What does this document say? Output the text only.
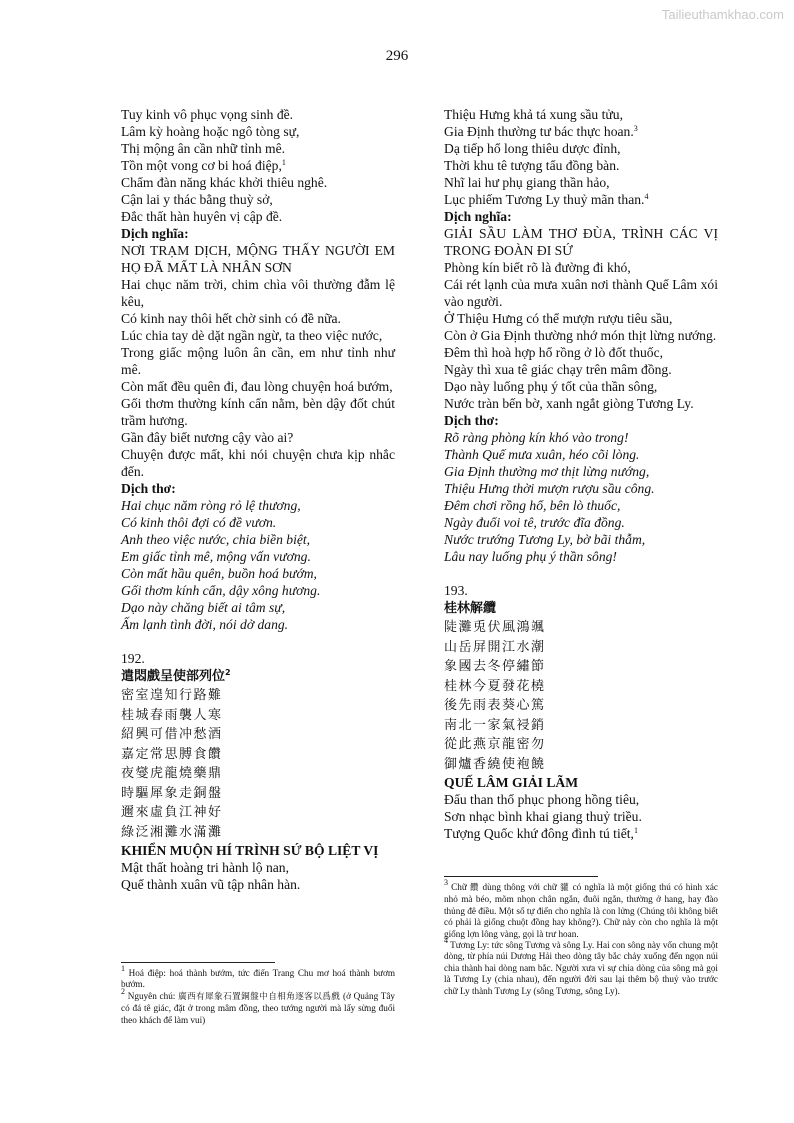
Tailieuthamkhao.com
296
Tuy kinh vô phục vọng sinh đề.
Lâm kỳ hoàng hoặc ngô tòng sự,
Thị mộng ân cần nhữ tỉnh mê.
Tồn một vong cơ bi hoá điệp,$^1$
Chẩm đàn năng khác khởi thiêu nghê.
Cận lai y thác bằng thuỳ sở,
Đắc thất hàn huyên vị cập đề.
Dịch nghĩa:
NƠI TRẠM DỊCH, MỘNG THẤY NGƯỜI EM HỌ ĐÃ MẤT LÀ NHÂN SƠN
Hai chục năm trời, chim chìa vôi thường đẫm lệ kêu,
Có kinh nay thôi hết chờ sinh có đề nữa.
Lúc chia tay dè dặt ngần ngừ, ta theo việc nước,
Trong giấc mộng luôn ân cần, em như tỉnh như mê.
Còn mất đều quên đi, đau lòng chuyện hoá bướm,
Gối thơm thường kính cẩn nằm, bèn dậy đốt chút trầm hương.
Gần đây biết nương cậy vào ai?
Chuyện được mất, khi nói chuyện chưa kịp nhắc đến.
Dịch thơ:
Hai chục năm ròng rỏ lệ thương,
Có kinh thôi đợi có đề vươn.
Anh theo việc nước, chia biền biệt,
Em giấc tỉnh mê, mộng vấn vương.
Còn mất hầu quên, buồn hoá bướm,
Gối thơm kính cẩn, dậy xông hương.
Dạo này chăng biết ai tâm sự,
Ấm lạnh tình đời, nói dở dang.
192.
遣悶戲呈使部列位$^2$
密室遑知行路難
桂城春雨襲人寒
紹興可借冲愁酒
嘉定常思膊食饡
夜燮虎龍燒藥鼎
時驅犀象走銅盤
邇來虛負江神好
綠泛湘灘水滿灘
KHIỂN MUỘN HÍ TRÌNH SỨ BỘ LIỆT VỊ
Mật thất hoàng tri hành lộ nan,
Quế thành xuân vũ tập nhân hàn.
Thiệu Hưng khả tá xung sầu tửu,
Gia Định thường tư bác thực hoan.$^3$
Dạ tiếp hổ long thiêu dược đỉnh,
Thời khu tê tượng tẩu đồng bàn.
Nhĩ lai hư phụ giang thần hảo,
Lục phiếm Tương Ly thuỷ mãn than.$^4$
Dịch nghĩa:
GIẢI SẦU LÀM THƠ ĐÙA, TRÌNH CÁC VỊ TRONG ĐOÀN ĐI SỨ
Phòng kín biết rõ là đường đi khó,
Cái rét lạnh của mưa xuân nơi thành Quế Lâm xói vào người.
Ở Thiệu Hưng có thể mượn rượu tiêu sầu,
Còn ở Gia Định thường nhớ món thịt lừng nướng.
Đêm thì hoà hợp hổ rồng ở lò đốt thuốc,
Ngày thì xua tê giác chạy trên mâm đồng.
Dạo này luống phụ ý tốt của thần sông,
Nước tràn bến bờ, xanh ngắt giòng Tương Ly.
Dịch thơ:
Rõ ràng phòng kín khó vào trong!
Thành Quế mưa xuân, héo cõi lòng.
Gia Định thường mơ thịt lừng nướng,
Thiệu Hưng thời mượn rượu sầu công.
Đêm chơi rồng hổ, bên lò thuốc,
Ngày đuổi voi tê, trước đĩa đồng.
Nước trướng Tương Ly, bờ bãi thẫm,
Lâu nay luống phụ ý thần sông!
193.
桂林解纜
陡灘兎伏風鴻颯
山岳屏開江水潮
象國去冬停繡節
桂林今夏發花橈
後先雨表葵心篤
南北一家氣祲銷
從此燕京龍密勿
御爐香繞使袍饒
QUẾ LÂM GIẢI LÃM
Đẩu than thố phục phong hồng tiêu,
Sơn nhạc bình khai giang thuỷ triều.
Tượng Quốc khứ đông đình tú tiết,$^1$

$^1$ Hoá điệp: hoá thành bướm, tức điển Trang Chu mơ hoá thành bươm bướm.

$^2$ Nguyên chú: 廣西有犀象石置銅盤中自相角逐客以爲戲 (ở Quảng Tây có đá tê giác, đặt ở trong mâm đồng, theo tướng người mà lấy sừng đuổi theo khách để làm vui)

$^3$ Chữ 饡 dùng thông với chữ 貛 có nghĩa là một giống thú có hình xác nhỏ mà béo, mõm nhọn chân ngắn, đuôi ngắn, thường ở hang, hay đào thủng đê điều. Một số tự điển cho nghĩa là con lửng (Chúng tôi không biết có phải là giống chuột đồng hay không?). Chữ này còn cho nghĩa là một giống lợn lông vàng, gọi là trư hoan.

$^4$ Tương Ly: tức sông Tương và sông Ly. Hai con sông này vốn chung một dòng, từ phía núi Dương Hải theo dòng tây bắc chảy xuống đến ngọn núi chia thành hai dòng nam bắc. Người xưa vì sự chia dòng của sông mà gọi là Tương Ly (chia nhau), đến người đời sau lại thêm bộ thuỷ vào trước chữ Ly thành Tương Ly (sông Tương, sông Ly).
